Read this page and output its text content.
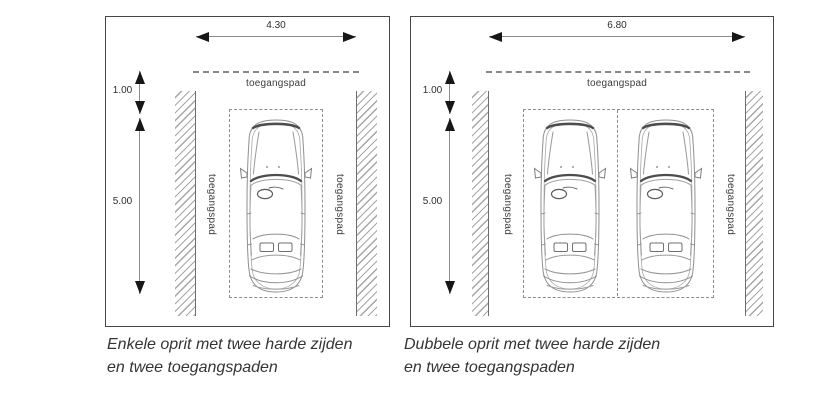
4.30
toegangspad
1.00
5.00	toegangspad	toegangspad
6.80
toegangspad
1.00
5.00	toegangspad	toegangspad
Enkele oprit met twee harde zijden
en twee toegangspaden
Dubbele oprit met twee harde zijden
en twee toegangspaden
